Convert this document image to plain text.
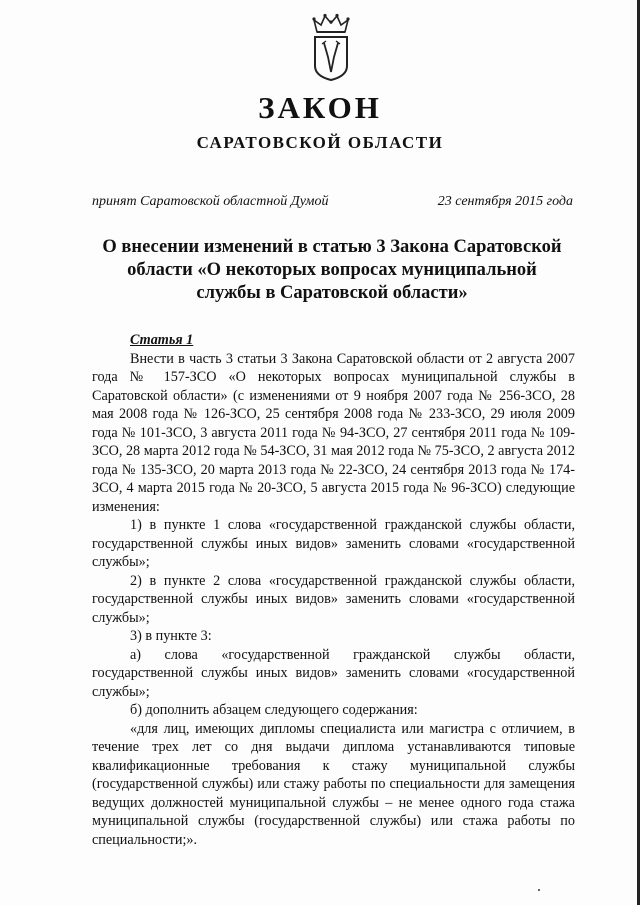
ЗАКОН
САРАТОВСКОЙ ОБЛАСТИ
принят Саратовской областной Думой	23 сентября 2015 года
О внесении изменений в статью 3 Закона Саратовской
области «О некоторых вопросах муниципальной
службы в Саратовской области»

Статья 1

Внести в часть 3 статьи 3 Закона Саратовской области от 2 августа 2007 года № 157-ЗСО «О некоторых вопросах муниципальной службы в Саратовской области» (с изменениями от 9 ноября 2007 года № 256-ЗСО, 28 мая 2008 года № 126-ЗСО, 25 сентября 2008 года № 233-ЗСО, 29 июля 2009 года № 101-ЗСО, 3 августа 2011 года № 94-ЗСО, 27 сентября 2011 года № 109-ЗСО, 28 марта 2012 года № 54-ЗСО, 31 мая 2012 года № 75-ЗСО, 2 августа 2012 года № 135-ЗСО, 20 марта 2013 года № 22-ЗСО, 24 сентября 2013 года № 174-ЗСО, 4 марта 2015 года № 20-ЗСО, 5 августа 2015 года № 96-ЗСО) следующие изменения:

1) в пункте 1 слова «государственной гражданской службы области, государственной службы иных видов» заменить словами «государственной службы»;

2) в пункте 2 слова «государственной гражданской службы области, государственной службы иных видов» заменить словами «государственной службы»;

3) в пункте 3:

а) слова «государственной гражданской службы области, государственной службы иных видов» заменить словами «государственной службы»;

б) дополнить абзацем следующего содержания:

«для лиц, имеющих дипломы специалиста или магистра с отличием, в течение трех лет со дня выдачи диплома устанавливаются типовые квалификационные требования к стажу муниципальной службы (государственной службы) или стажу работы по специальности для замещения ведущих должностей муниципальной службы – не менее одного года стажа муниципальной службы (государственной службы) или стажа работы по специальности;».
